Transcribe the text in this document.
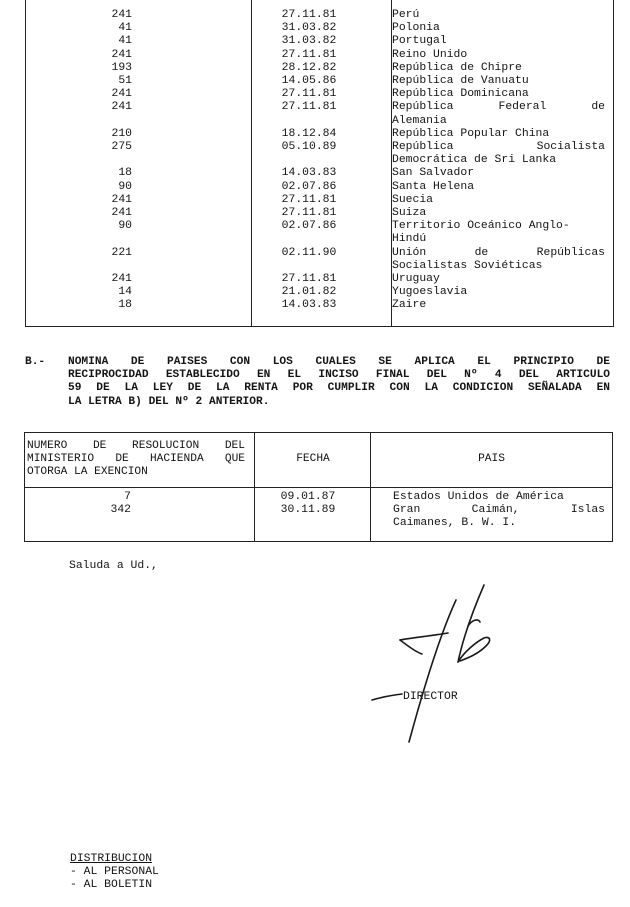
241	27.11.81	Perú
41	31.03.82	Polonia
41	31.03.82	Portugal
241	27.11.81	Reino Unido
193	28.12.82	República de Chipre
51	14.05.86	República de Vanuatu
241	27.11.81	República Dominicana
241	27.11.81	República Federal de
Alemania
210	18.12.84	República Popular China
275	05.10.89	República Socialista
Democrática de Sri Lanka
18	14.03.83	San Salvador
90	02.07.86	Santa Helena
241	27.11.81	Suecia
241	27.11.81	Suiza
90	02.07.86	Territorio Oceánico Anglo-
Hindú
221	02.11.90	Unión de Repúblicas
Socialistas Soviéticas
241	27.11.81	Uruguay
14	21.01.82	Yugoeslavia
18	14.03.83	Zaire
B.- NOMINA DE PAISES CON LOS CUALES SE APLICA EL PRINCIPIO DE
RECIPROCIDAD ESTABLECIDO EN EL INCISO FINAL DEL Nº 4 DEL ARTICULO
59 DE LA LEY DE LA RENTA POR CUMPLIR CON LA CONDICION SEÑALADA EN
LA LETRA B) DEL Nº 2 ANTERIOR.
NUMERO DE RESOLUCION DEL
MINISTERIO DE HACIENDA QUE
OTORGA LA EXENCION
FECHA	PAIS
7	09.01.87	Estados Unidos de América
342	30.11.89	Gran Caimán, Islas
Caimanes, B. W. I.
Saluda a Ud.,
DIRECTOR
DISTRIBUCION
- AL PERSONAL
- AL BOLETIN
